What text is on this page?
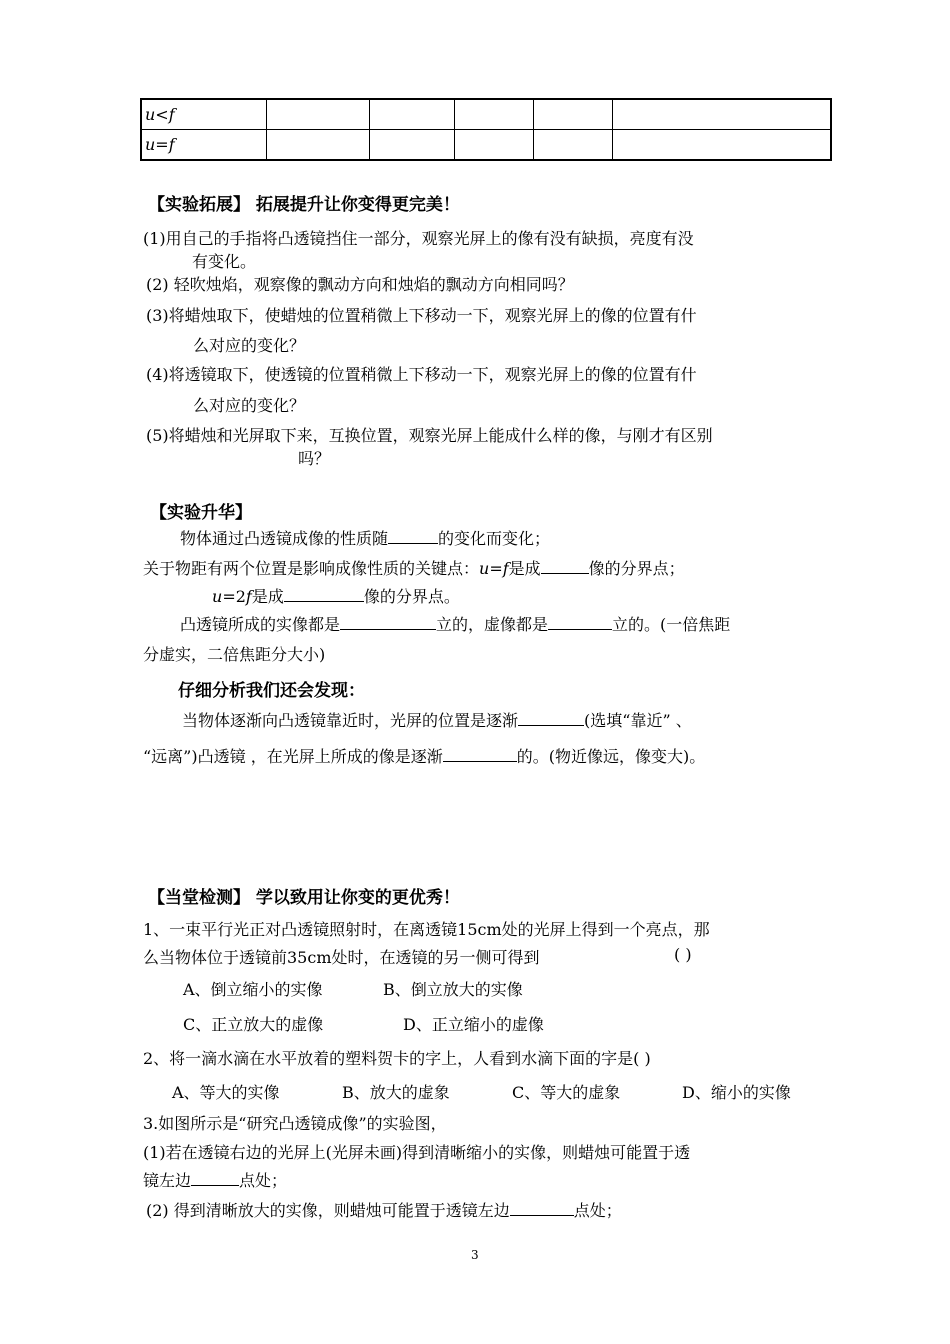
u<f					
u=f					
【实验拓展】 拓展提升让你变得更完美！
(1)用自己的手指将凸透镜挡住一部分，观察光屏上的像有没有缺损，亮度有没
有变化。
(2) 轻吹烛焰，观察像的飘动方向和烛焰的飘动方向相同吗？
(3)将蜡烛取下，使蜡烛的位置稍微上下移动一下，观察光屏上的像的位置有什
么对应的变化？
(4)将透镜取下，使透镜的位置稍微上下移动一下，观察光屏上的像的位置有什
么对应的变化？
(5)将蜡烛和光屏取下来，互换位置，观察光屏上能成什么样的像，与刚才有区别
吗？
【实验升华】
物体通过凸透镜成像的性质随	的变化而变化；
关于物距有两个位置是影响成像性质的关键点：u=f是成	像的分界点；
u=2f是成	像的分界点。
凸透镜所成的实像都是	立的，虚像都是	立的。(一倍焦距
分虚实，二倍焦距分大小)
仔细分析我们还会发现：
当物体逐渐向凸透镜靠近时，光屏的位置是逐渐	(选填“靠近” 、
“远离”)凸透镜 ，在光屏上所成的像是逐渐	的。(物近像远，像变大)。
【当堂检测】 学以致用让你变的更优秀！
1、一束平行光正对凸透镜照射时，在离透镜15cm处的光屏上得到一个亮点，那
么当物体位于透镜前35cm处时，在透镜的另一侧可得到	( )
A、倒立缩小的实像	B、倒立放大的实像
C、正立放大的虚像	D、正立缩小的虚像
2、将一滴水滴在水平放着的塑料贺卡的字上，人看到水滴下面的字是( )
A、等大的实像	B、放大的虚象	C、等大的虚象	D、缩小的实像
3.如图所示是“研究凸透镜成像”的实验图，
(1)若在透镜右边的光屏上(光屏未画)得到清晰缩小的实像，则蜡烛可能置于透
镜左边	点处；
(2) 得到清晰放大的实像，则蜡烛可能置于透镜左边	点处；
3
